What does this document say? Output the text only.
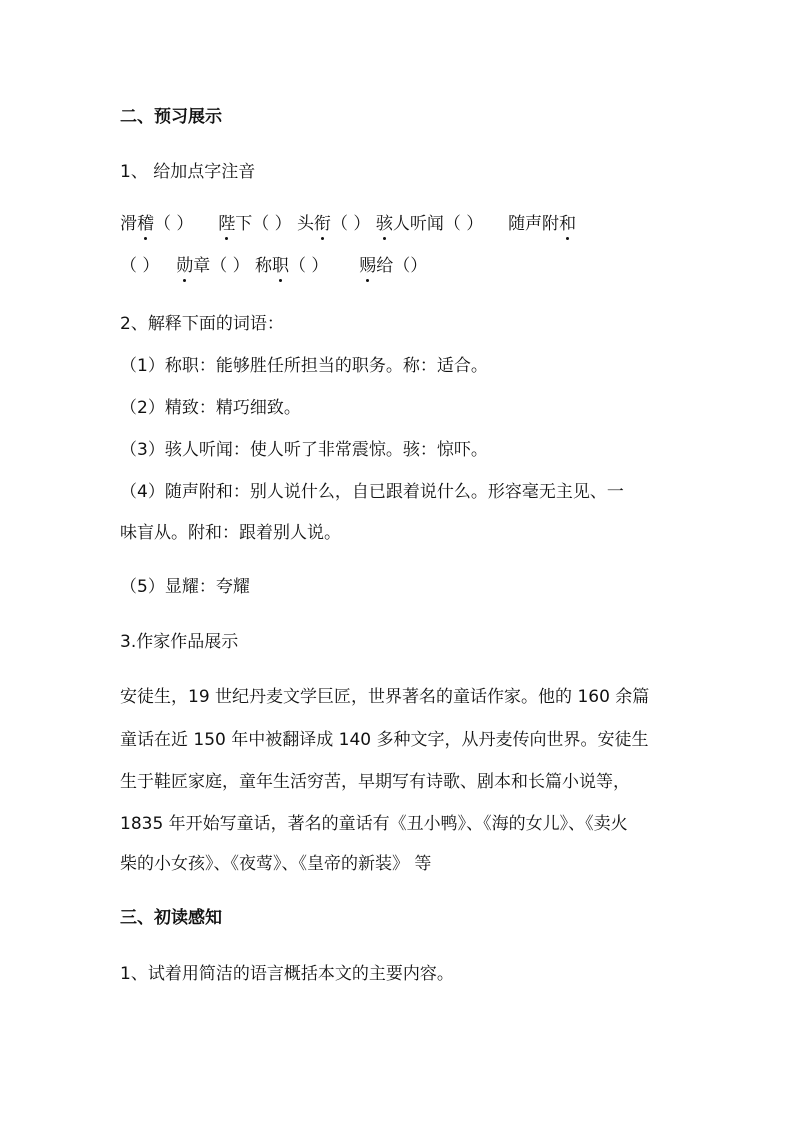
二、预习展示
1、 给加点字注音
滑稽（ ） 陛下（ ） 头衔（ ） 骇人听闻（ ） 随声附和
（ ） 勋章（ ） 称职（ ） 赐给（）
2、解释下面的词语：
（1）称职：能够胜任所担当的职务。称：适合。
（2）精致：精巧细致。
（3）骇人听闻：使人听了非常震惊。骇：惊吓。
（4）随声附和：别人说什么，自已跟着说什么。形容毫无主见、一
味盲从。附和：跟着别人说。
（5）显耀：夸耀
3.作家作品展示
安徒生，19 世纪丹麦文学巨匠，世界著名的童话作家。他的 160 余篇
童话在近 150 年中被翻译成 140 多种文字，从丹麦传向世界。安徒生
生于鞋匠家庭，童年生活穷苦，早期写有诗歌、剧本和长篇小说等，
1835 年开始写童话，著名的童话有《丑小鸭》、《海的女儿》、《卖火
柴的小女孩》、《夜莺》、《皇帝的新装》 等
三、初读感知
1、试着用简洁的语言概括本文的主要内容。
